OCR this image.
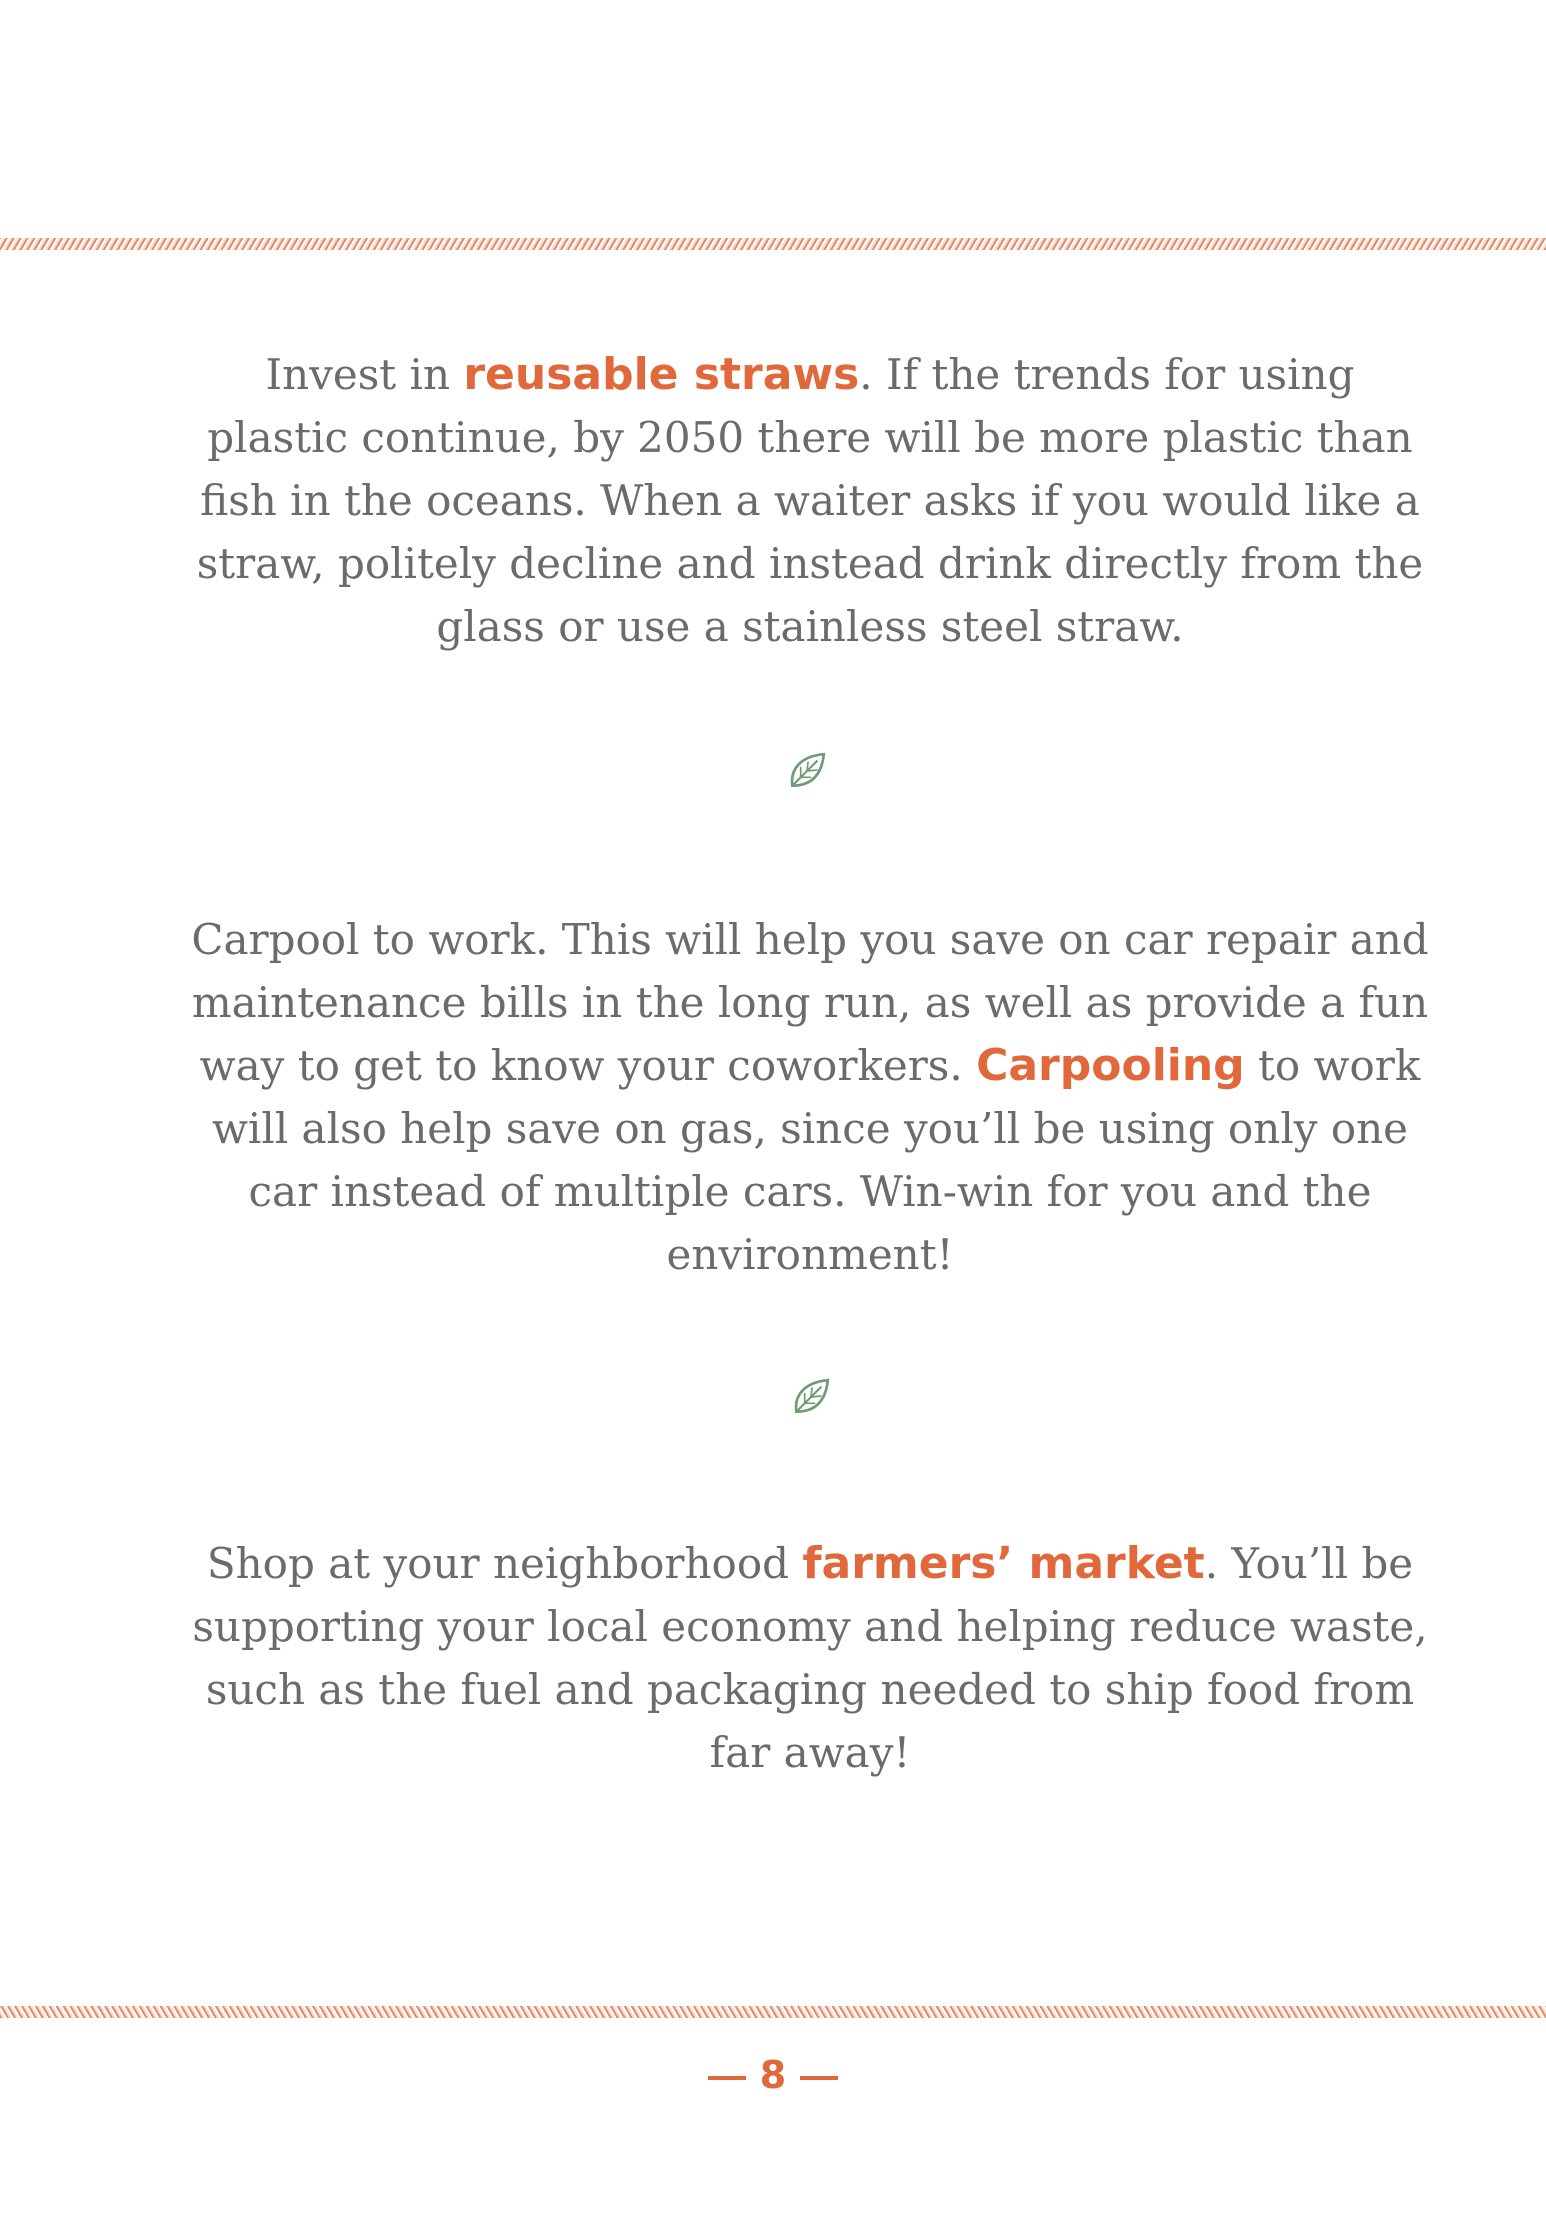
Invest in reusable straws. If the trends for using plastic continue, by 2050 there will be more plastic than fish in the oceans. When a waiter asks if you would like a straw, politely decline and instead drink directly from the glass or use a stainless steel straw.
Carpool to work. This will help you save on car repair and maintenance bills in the long run, as well as provide a fun way to get to know your coworkers. Carpooling to work will also help save on gas, since you’ll be using only one car instead of multiple cars. Win-win for you and the environment!
Shop at your neighborhood farmers’ market. You’ll be supporting your local economy and helping reduce waste, such as the fuel and packaging needed to ship food from far away!
8
